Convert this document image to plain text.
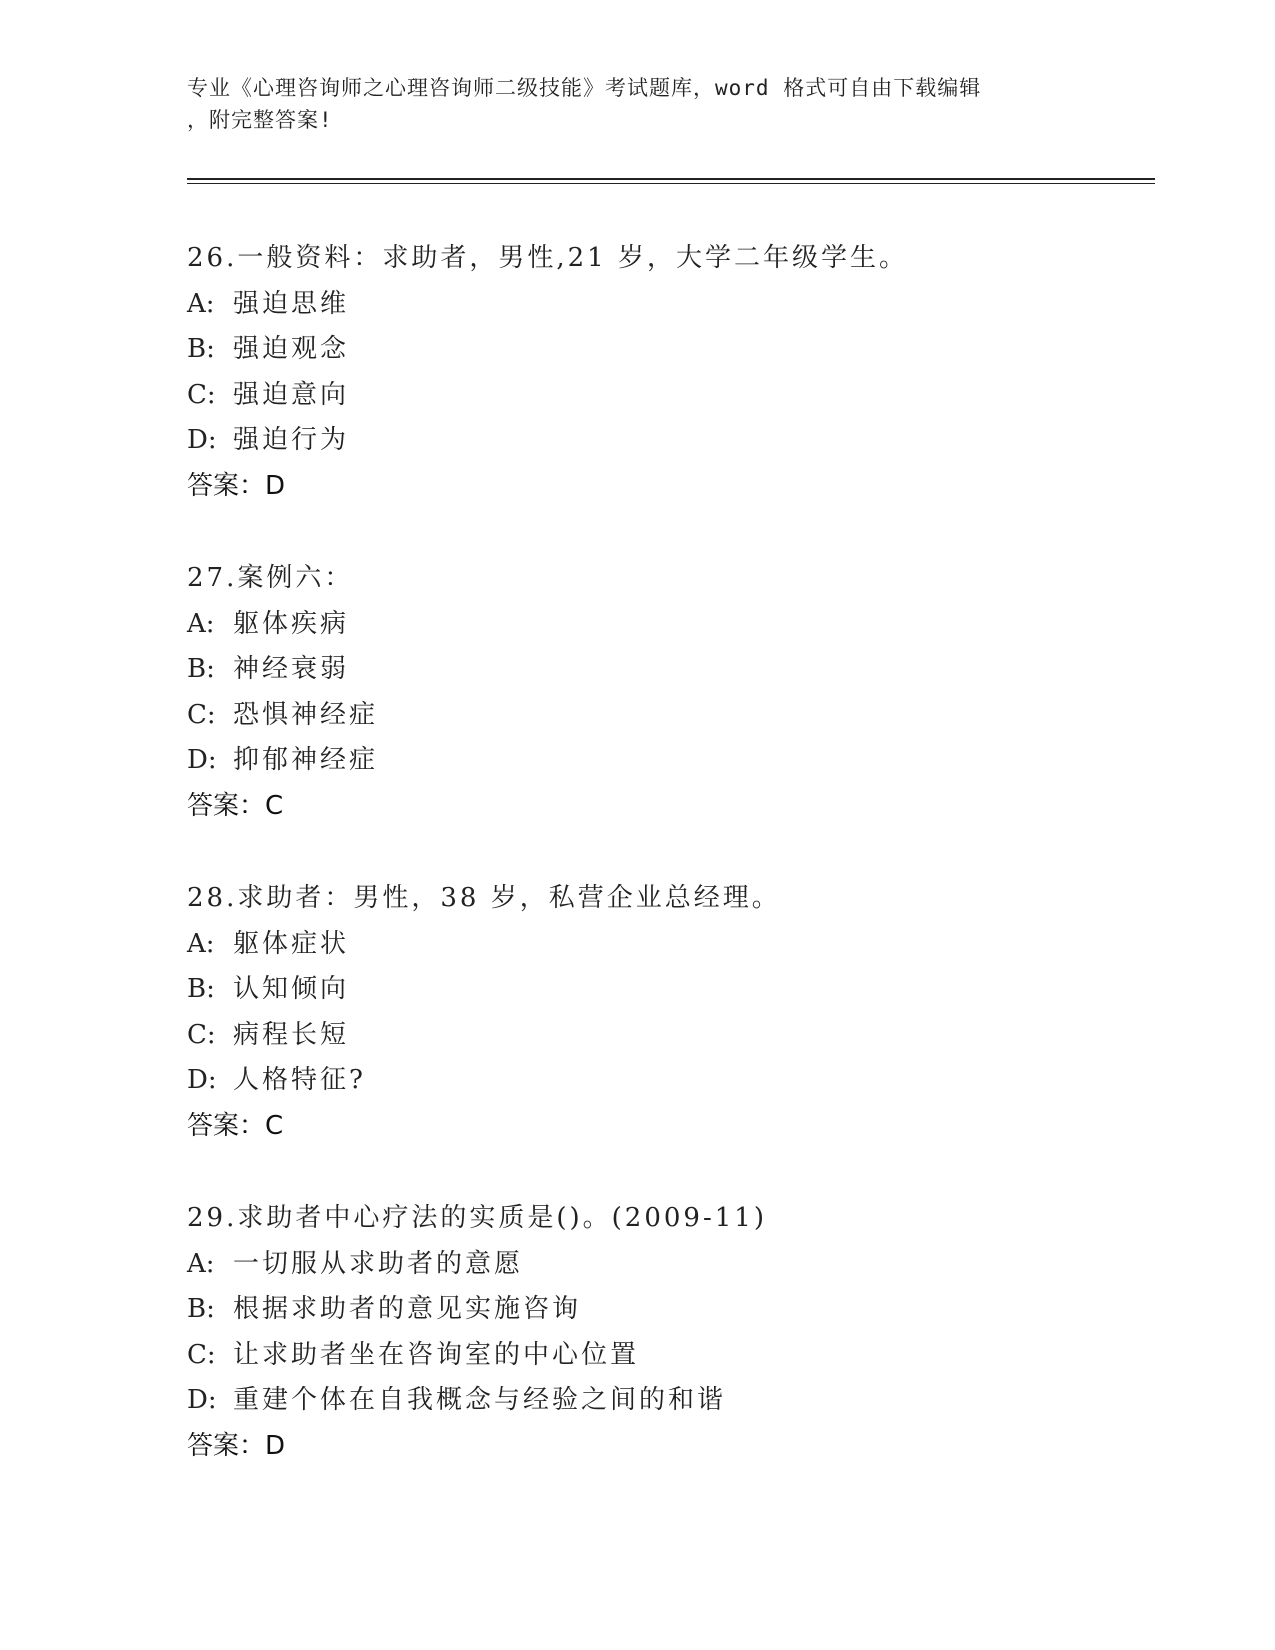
专业《心理咨询师之心理咨询师二级技能》考试题库，word 格式可自由下载编辑
，附完整答案!
26.一般资料：求助者，男性,21 岁，大学二年级学生。
A: 强迫思维
B: 强迫观念
C: 强迫意向
D: 强迫行为
答案：D
27.案例六：
A: 躯体疾病
B: 神经衰弱
C: 恐惧神经症
D: 抑郁神经症
答案：C
28.求助者：男性，38 岁，私营企业总经理。
A: 躯体症状
B: 认知倾向
C: 病程长短
D: 人格特征?
答案：C
29.求助者中心疗法的实质是()。(2009-11)
A: 一切服从求助者的意愿
B: 根据求助者的意见实施咨询
C: 让求助者坐在咨询室的中心位置
D: 重建个体在自我概念与经验之间的和谐
答案：D
